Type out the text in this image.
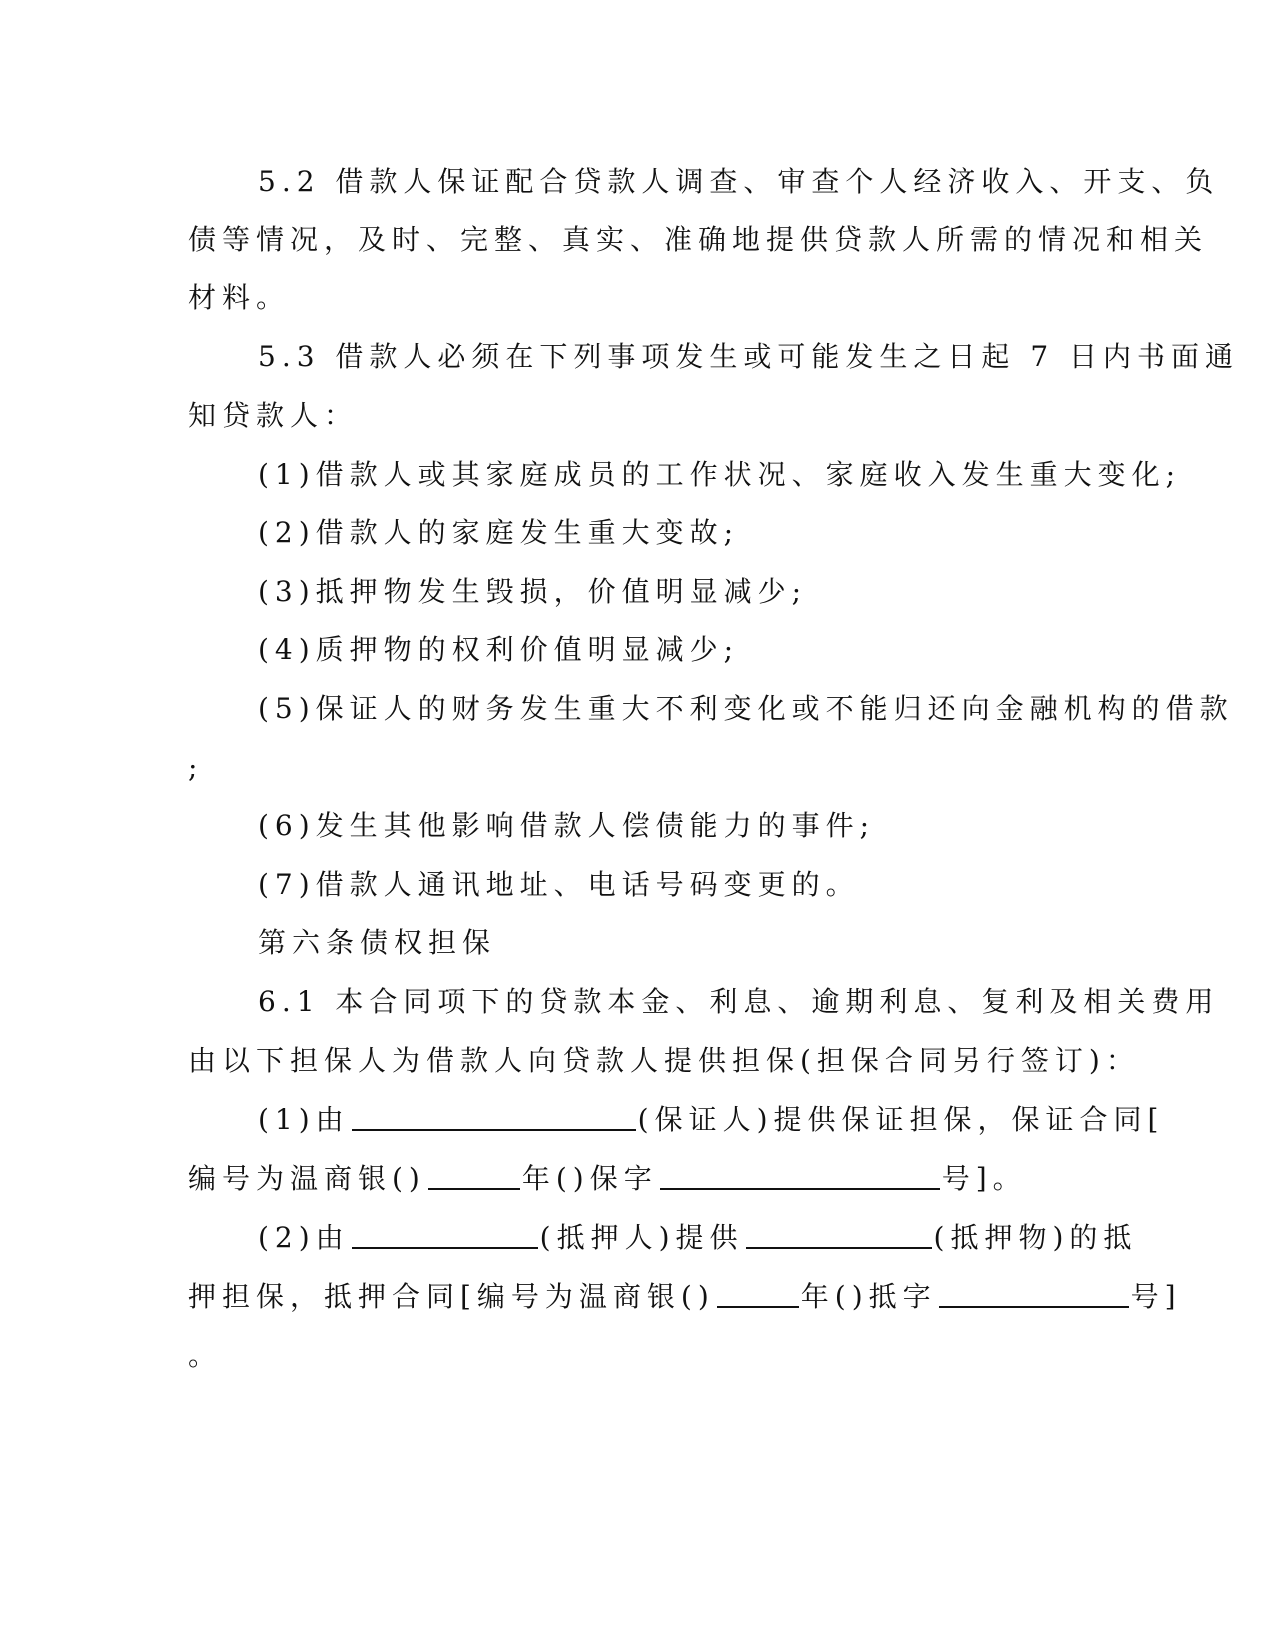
5.2 借款人保证配合贷款人调查、审查个人经济收入、开支、负
债等情况，及时、完整、真实、准确地提供贷款人所需的情况和相关
材料。
5.3 借款人必须在下列事项发生或可能发生之日起 7 日内书面通
知贷款人：
(1)借款人或其家庭成员的工作状况、家庭收入发生重大变化;
(2)借款人的家庭发生重大变故;
(3)抵押物发生毁损，价值明显减少;
(4)质押物的权利价值明显减少;
(5)保证人的财务发生重大不利变化或不能归还向金融机构的借款
;
(6)发生其他影响借款人偿债能力的事件;
(7)借款人通讯地址、电话号码变更的。
第六条债权担保
6.1 本合同项下的贷款本金、利息、逾期利息、复利及相关费用
由以下担保人为借款人向贷款人提供担保(担保合同另行签订)：
(1)由	(保证人)提供保证担保，保证合同[
编号为温商银()	年()保字	号]。
(2)由	(抵押人)提供	(抵押物)的抵
押担保，抵押合同[编号为温商银()	年()抵字	号]
。
